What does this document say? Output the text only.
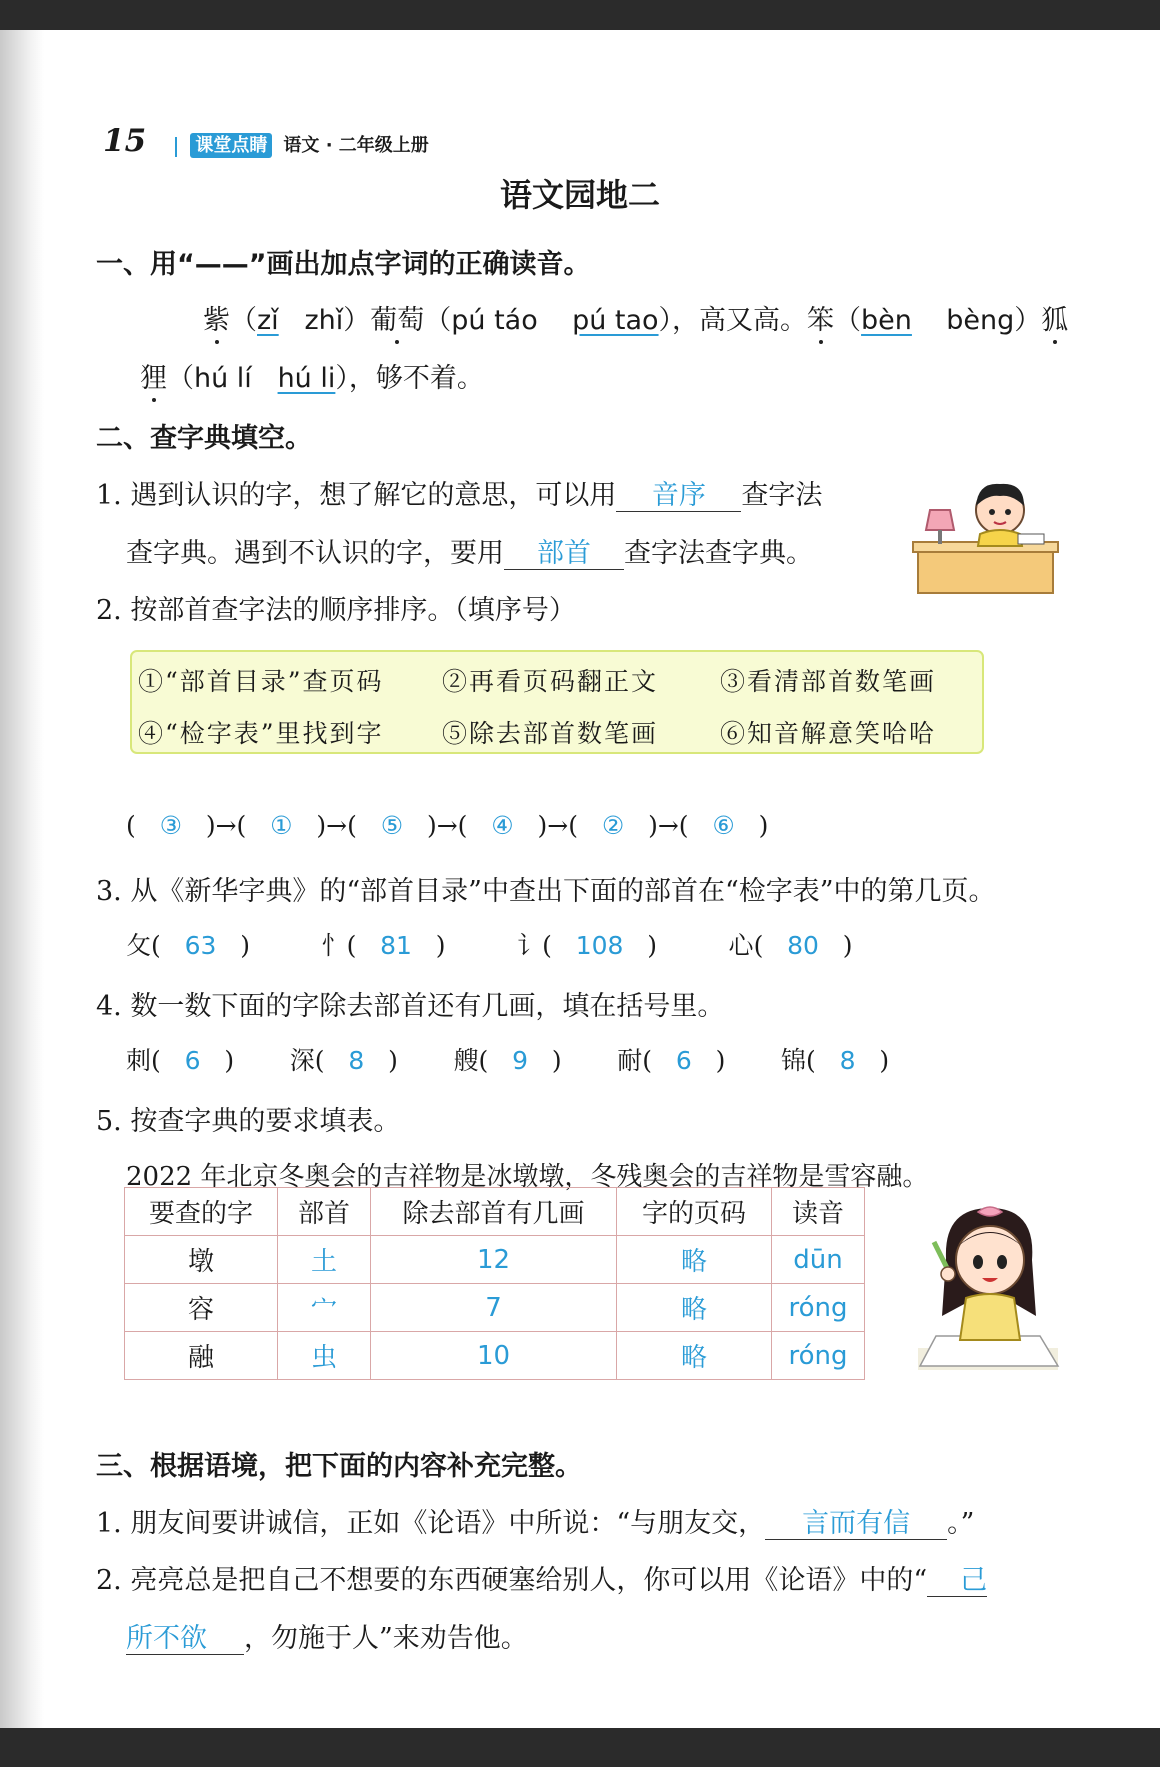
15	课堂点睛 语文 · 二年级上册
语文园地二
一、用“——”画出加点字词的正确读音。
紫（zǐ zhǐ）葡萄（pú táo pú tao），高又高。笨（bèn bèng）狐
狸（hú lí hú li），够不着。
二、查字典填空。
1. 遇到认识的字，想了解它的意思，可以用 音序 查字法
查字典。遇到不认识的字，要用 部首 查字法查字典。
2. 按部首查字法的顺序排序。（填序号）
①“部首目录”查页码 ②再看页码翻正文 ③看清部首数笔画
④“检字表”里找到字 ⑤除去部首数笔画 ⑥知音解意笑哈哈
(   ③   )→(   ①   )→(   ⑤   )→(   ④   )→(   ②   )→(   ⑥   )
3. 从《新华字典》的“部首目录”中查出下面的部首在“检字表”中的第几页。
攵(   63   )         忄(   81   )         讠(   108   )         心(   80   )
4. 数一数下面的字除去部首还有几画，填在括号里。
刺(   6   )       深(   8   )       艘(   9   )       耐(   6   )       锦(   8   )
5. 按查字典的要求填表。
2022 年北京冬奥会的吉祥物是冰墩墩，冬残奥会的吉祥物是雪容融。
要查的字	部首	除去部首有几画	字的页码	读音
墩	土	12	略	dūn
容	宀	7	略	róng
融	虫	10	略	róng
三、根据语境，把下面的内容补充完整。
1. 朋友间要讲诚信，正如《论语》中所说：“与朋友交， 言而有信 。”
2. 亮亮总是把自己不想要的东西硬塞给别人，你可以用《论语》中的“ 己
所不欲 ，勿施于人”来劝告他。
